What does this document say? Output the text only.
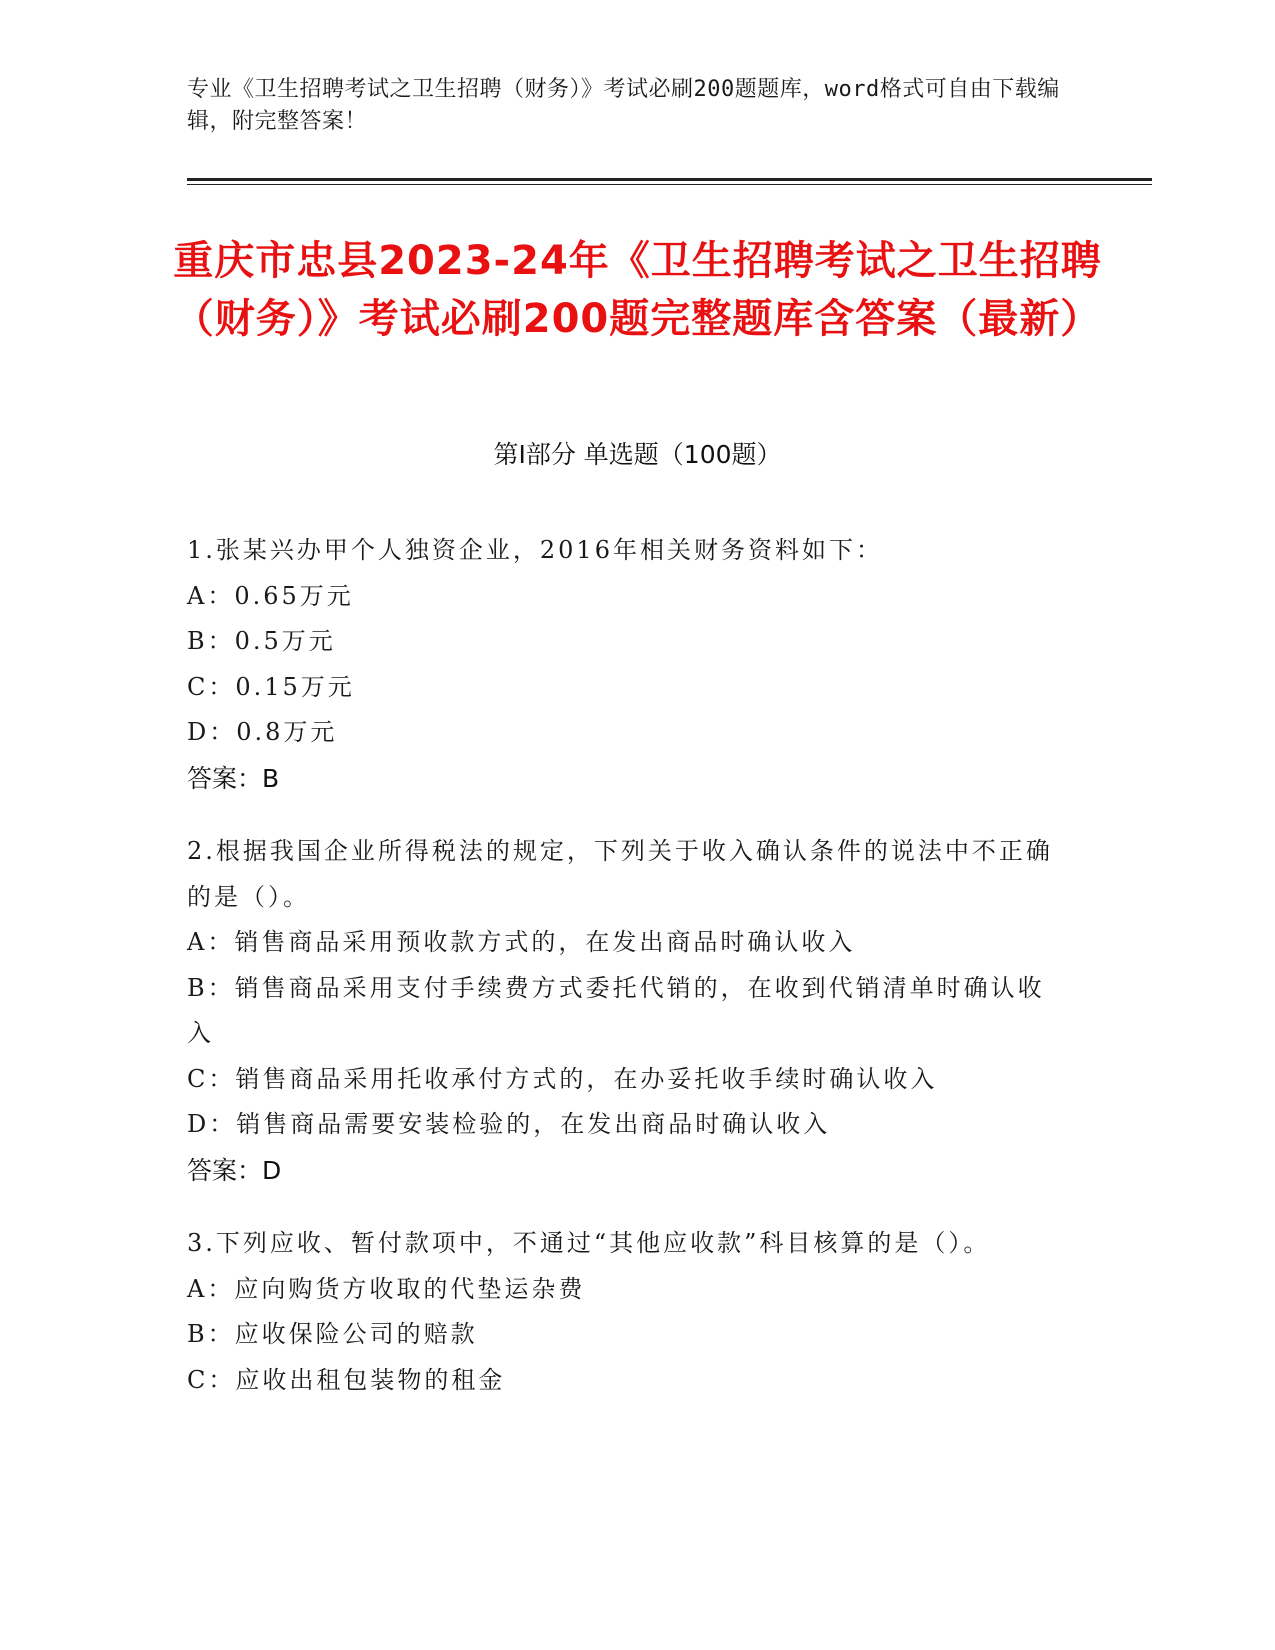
专业《卫生招聘考试之卫生招聘（财务）》考试必刷200题题库，word格式可自由下载编辑，附完整答案！
重庆市忠县2023-24年《卫生招聘考试之卫生招聘（财务）》考试必刷200题完整题库含答案（最新）
第Ⅰ部分 单选题（100题）

1.张某兴办甲个人独资企业，2016年相关财务资料如下：

A：0.65万元

B：0.5万元

C：0.15万元

D：0.8万元

答案：B

2.根据我国企业所得税法的规定，下列关于收入确认条件的说法中不正确的是（）。

A：销售商品采用预收款方式的，在发出商品时确认收入

B：销售商品采用支付手续费方式委托代销的，在收到代销清单时确认收入

C：销售商品采用托收承付方式的，在办妥托收手续时确认收入

D：销售商品需要安装检验的，在发出商品时确认收入

答案：D

3.下列应收、暂付款项中，不通过“其他应收款”科目核算的是（）。

A：应向购货方收取的代垫运杂费

B：应收保险公司的赔款

C：应收出租包装物的租金
